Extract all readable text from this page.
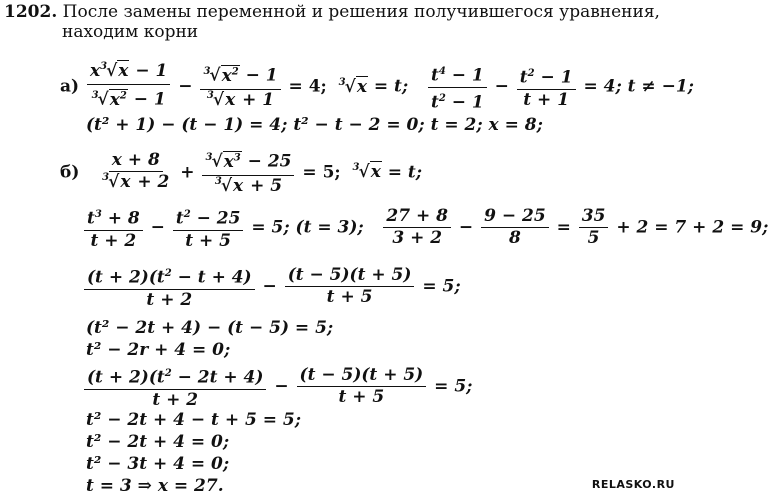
1202. После замены переменной и решения получившегося уравнения,
находим корни
$а) \frac{x^3√x - 1}{^3√x^2 - 1} - \frac{^3√x^2 - 1}{^3√x + 1} = 4$; $^3$√x = t; $\frac{t^4 - 1}{t^2 - 1} - \frac{t^2 - 1}{t + 1} = 4$; t ≠ −1;
(t² + 1) − (t − 1) = 4; t² − t − 2 = 0; t = 2; x = 8;
$б) \frac{x + 8}{^3√x + 2} + \frac{^3√x^3 - 25}{^3√x + 5} = 5$; $^3$√x = t;
$\frac{t^3 + 8}{t + 2} - \frac{t^2 - 25}{t + 5} = 5$; (t = 3); $\frac{27 + 8}{3 + 2} - \frac{9 - 25}{8} = \frac{35}{5} + 2 = 7 + 2 = 9$;
$\frac{(t + 2)(t^2 - t + 4)}{t + 2} - \frac{(t - 5)(t + 5)}{t + 5} = 5$;
(t² − 2t + 4) − (t − 5) = 5;
t² − 2r + 4 = 0;
$\frac{(t + 2)(t^2 - 2t + 4)}{t + 2} - \frac{(t - 5)(t + 5)}{t + 5} = 5$;
t² − 2t + 4 − t + 5 = 5;
t² − 2t + 4 = 0;
t² − 3t + 4 = 0;
t = 3 ⇒ x = 27.	RELASKO.RU
